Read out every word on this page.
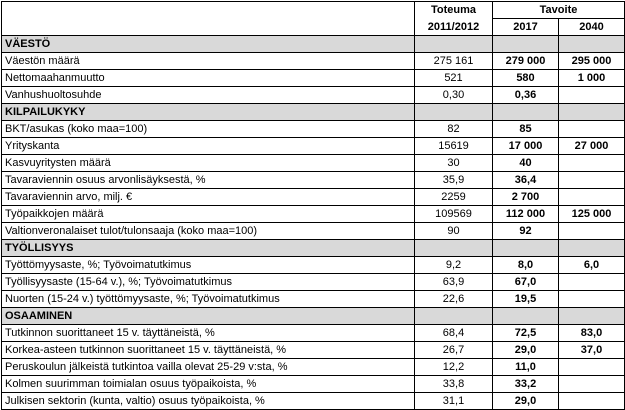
	Toteuma	Tavoite	
	2011/2012	2017	2040
VÄESTÖ			
Väestön määrä	275 161	279 000	295 000
Nettomaahanmuutto	521	580	1 000
Vanhushuoltosuhde	0,30	0,36	
KILPAILUKYKY			
BKT/asukas (koko maa=100)	82	85	
Yrityskanta	15619	17 000	27 000
Kasvuyritysten määrä	30	40	
Tavaraviennin osuus arvonlisäyksestä, %	35,9	36,4	
Tavaraviennin arvo, milj. €	2259	2 700	
Työpaikkojen määrä	109569	112 000	125 000
Valtionveronalaiset tulot/tulonsaaja (koko maa=100)	90	92	
TYÖLLISYYS			
Työttömyysaste, %; Työvoimatutkimus	9,2	8,0	6,0
Työllisyysaste (15-64 v.), %; Työvoimatutkimus	63,9	67,0	
Nuorten (15-24 v.) työttömyysaste, %; Työvoimatutkimus	22,6	19,5	
OSAAMINEN			
Tutkinnon suorittaneet 15 v. täyttäneistä, %	68,4	72,5	83,0
Korkea-asteen tutkinnon suorittaneet 15 v. täyttäneistä, %	26,7	29,0	37,0
Peruskoulun jälkeistä tutkintoa vailla olevat 25-29 v:sta, %	12,2	11,0	
Kolmen suurimman toimialan osuus työpaikoista, %	33,8	33,2	
Julkisen sektorin (kunta, valtio) osuus työpaikoista, %	31,1	29,0	
